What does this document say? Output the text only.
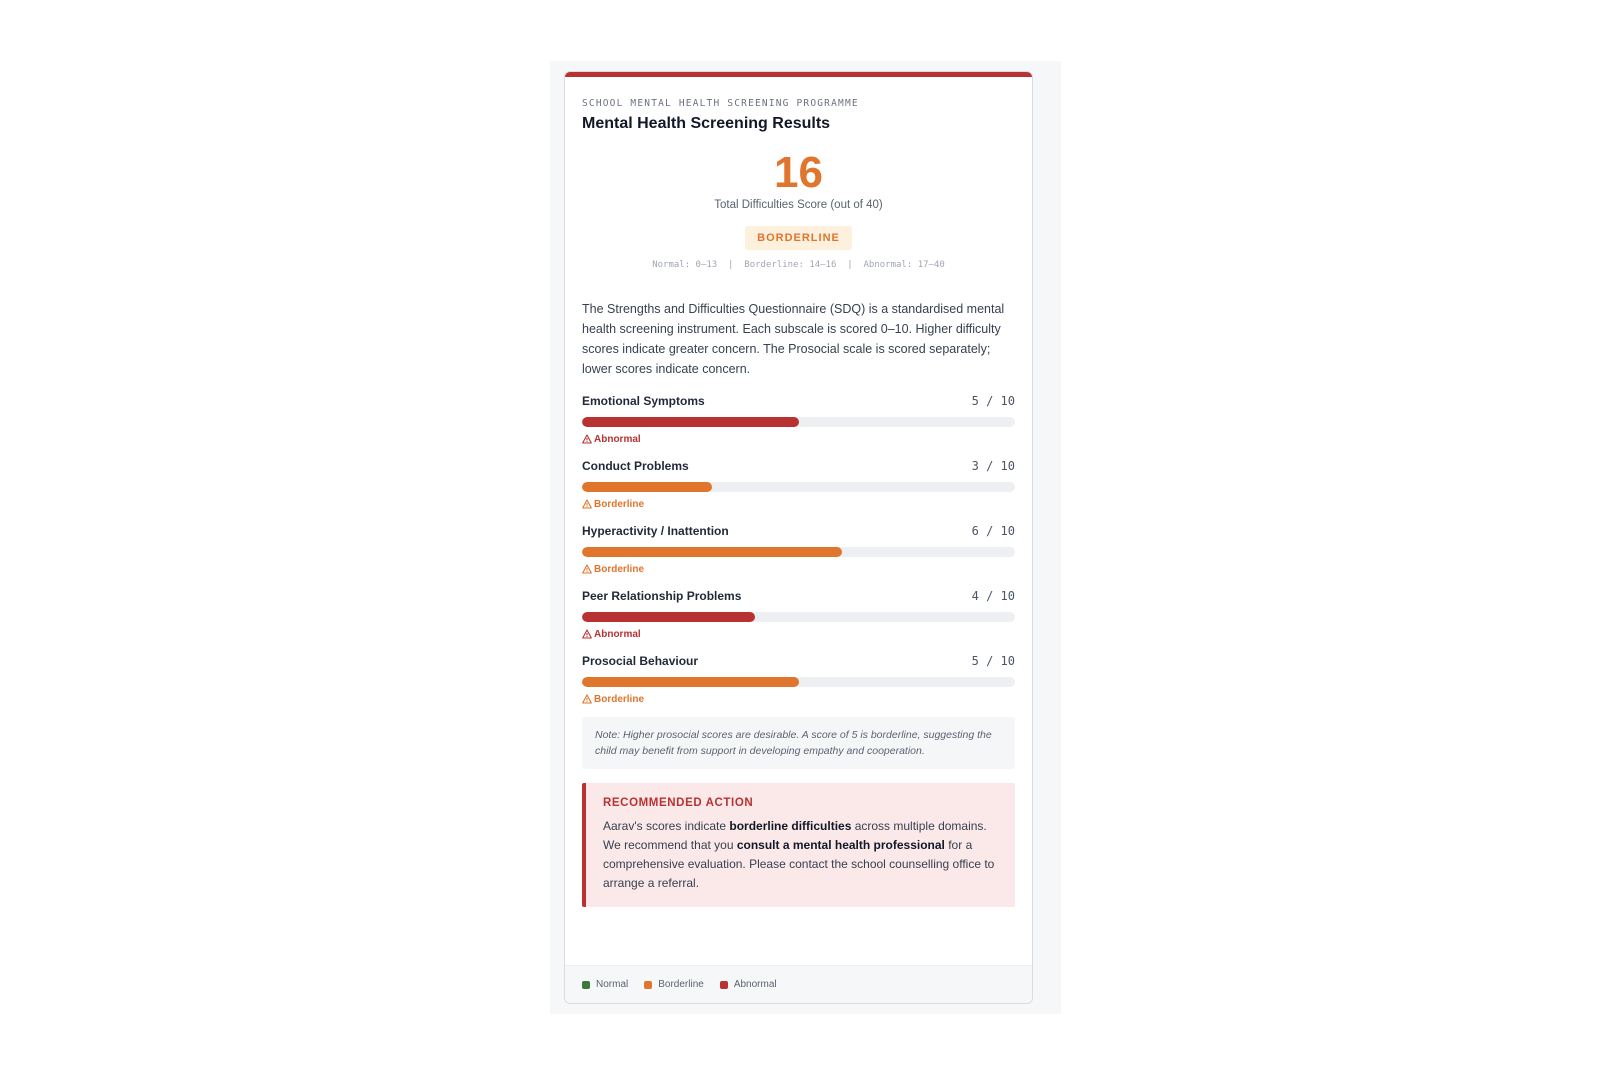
SCHOOL MENTAL HEALTH SCREENING PROGRAMME
Mental Health Screening Results
16
Total Difficulties Score (out of 40)
BORDERLINE
Normal: 0–13  |  Borderline: 14–16  |  Abnormal: 17–40
The Strengths and Difficulties Questionnaire (SDQ) is a standardised mental health screening instrument. Each subscale is scored 0–10. Higher difficulty scores indicate greater concern. The Prosocial scale is scored separately; lower scores indicate concern.
Emotional Symptoms	5 / 10
Abnormal
Conduct Problems	3 / 10
Borderline
Hyperactivity / Inattention	6 / 10
Borderline
Peer Relationship Problems	4 / 10
Abnormal
Prosocial Behaviour	5 / 10
Borderline
Note: Higher prosocial scores are desirable. A score of 5 is borderline, suggesting the child may benefit from support in developing empathy and cooperation.
RECOMMENDED ACTION
Aarav's scores indicate borderline difficulties across multiple domains. We recommend that you consult a mental health professional for a comprehensive evaluation. Please contact the school counselling office to arrange a referral.
Normal	Borderline	Abnormal
